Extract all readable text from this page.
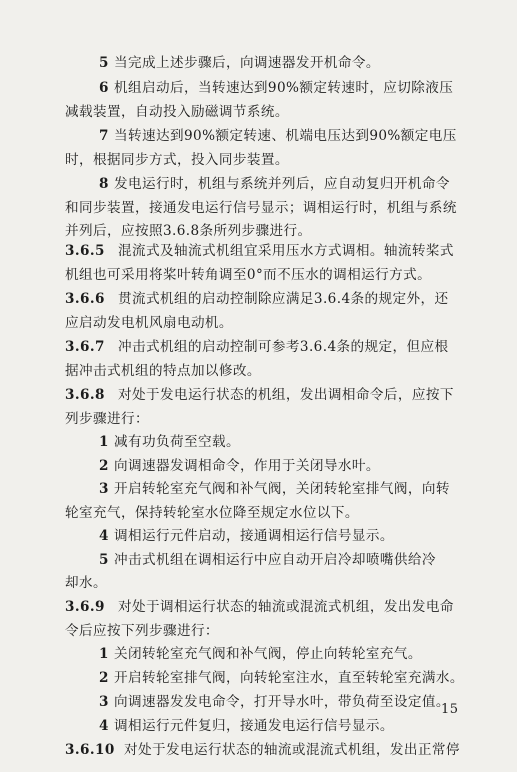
5 当完成上述步骤后，向调速器发开机命令。
6 机组启动后，当转速达到90%额定转速时，应切除液压
减载装置，自动投入励磁调节系统。
7 当转速达到90%额定转速、机端电压达到90%额定电压
时，根据同步方式，投入同步装置。
8 发电运行时，机组与系统并列后，应自动复归开机命令
和同步装置，接通发电运行信号显示；调相运行时，机组与系统
并列后，应按照3.6.8条所列步骤进行。
3.6.5 混流式及轴流式机组宜采用压水方式调相。轴流转桨式
机组也可采用将桨叶转角调至0°而不压水的调相运行方式。
3.6.6 贯流式机组的启动控制除应满足3.6.4条的规定外，还
应启动发电机风扇电动机。
3.6.7 冲击式机组的启动控制可参考3.6.4条的规定，但应根
据冲击式机组的特点加以修改。
3.6.8 对处于发电运行状态的机组，发出调相命令后，应按下
列步骤进行：
1 减有功负荷至空载。
2 向调速器发调相命令，作用于关闭导水叶。
3 开启转轮室充气阀和补气阀，关闭转轮室排气阀，向转
轮室充气，保持转轮室水位降至规定水位以下。
4 调相运行元件启动，接通调相运行信号显示。
5 冲击式机组在调相运行中应自动开启冷却喷嘴供给冷
却水。
3.6.9 对处于调相运行状态的轴流或混流式机组，发出发电命
令后应按下列步骤进行：
1 关闭转轮室充气阀和补气阀，停止向转轮室充气。
2 开启转轮室排气阀，向转轮室注水，直至转轮室充满水。
3 向调速器发发电命令，打开导水叶，带负荷至设定值。
4 调相运行元件复归，接通发电运行信号显示。
3.6.10 对处于发电运行状态的轴流或混流式机组，发出正常停
15
